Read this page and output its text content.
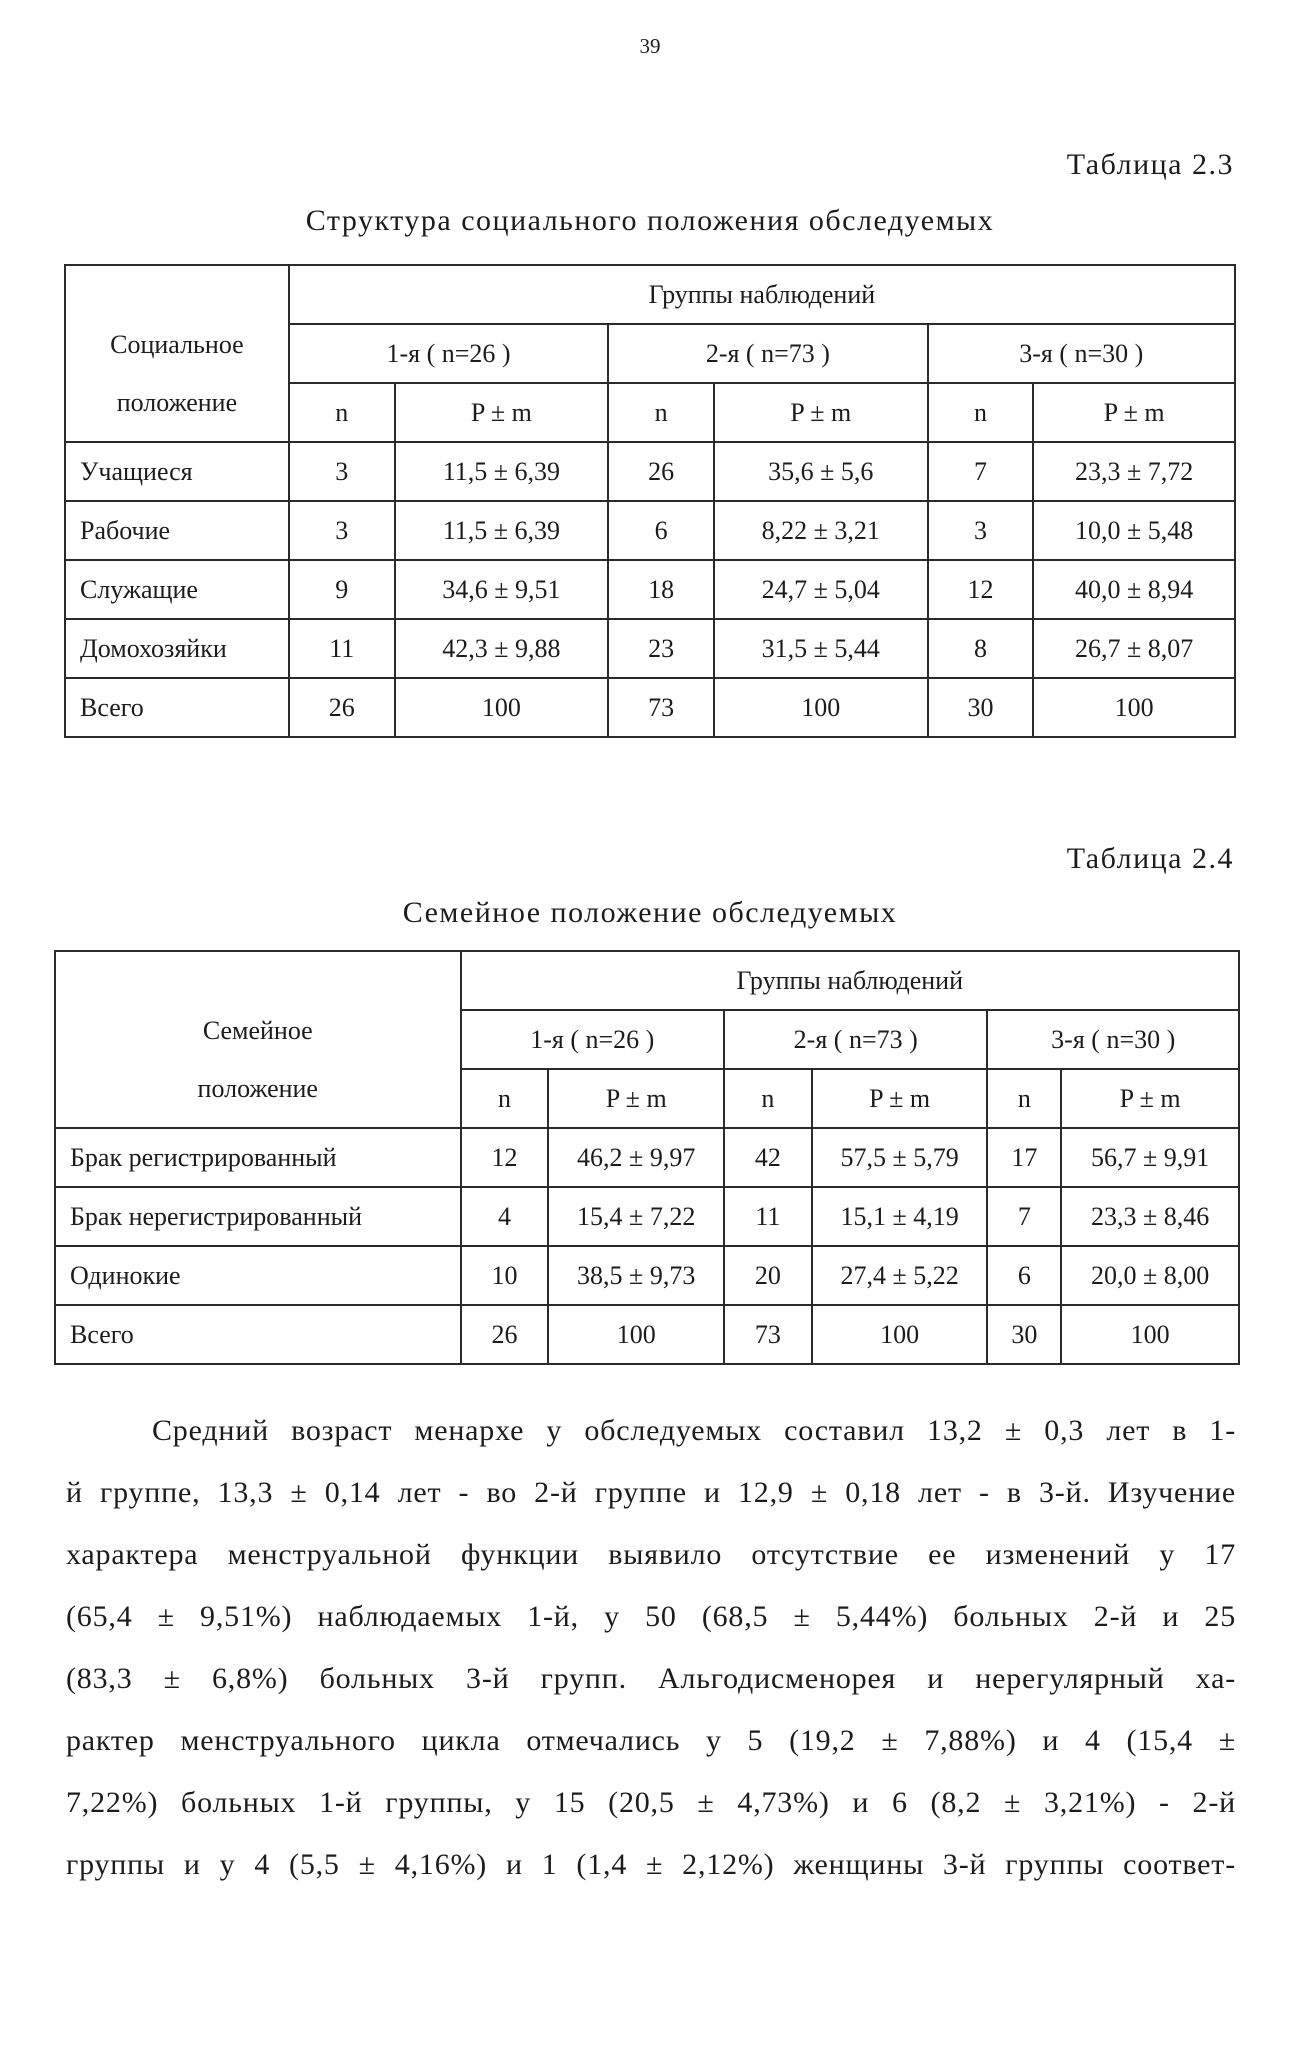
39
Таблица 2.3
Структура социального положения обследуемых
Социальное
положение	Группы наблюдений					
	1-я ( n=26 )		2-я ( n=73 )		3-я ( n=30 )	
	n	P ± m	n	P ± m	n	P ± m
Учащиеся	3	11,5 ± 6,39	26	35,6 ± 5,6	7	23,3 ± 7,72
Рабочие	3	11,5 ± 6,39	6	8,22 ± 3,21	3	10,0 ± 5,48
Служащие	9	34,6 ± 9,51	18	24,7 ± 5,04	12	40,0 ± 8,94
Домохозяйки	11	42,3 ± 9,88	23	31,5 ± 5,44	8	26,7 ± 8,07
Всего	26	100	73	100	30	100
Таблица 2.4
Семейное положение обследуемых
Семейное
положение	Группы наблюдений					
	1-я ( n=26 )		2-я ( n=73 )		3-я ( n=30 )	
	n	P ± m	n	P ± m	n	P ± m
Брак регистрированный	12	46,2 ± 9,97	42	57,5 ± 5,79	17	56,7 ± 9,91
Брак нерегистрированный	4	15,4 ± 7,22	11	15,1 ± 4,19	7	23,3 ± 8,46
Одинокие	10	38,5 ± 9,73	20	27,4 ± 5,22	6	20,0 ± 8,00
Всего	26	100	73	100	30	100
Средний возраст менархе у обследуемых составил 13,2 ± 0,3 лет в 1-
й группе, 13,3 ± 0,14 лет - во 2-й группе и 12,9 ± 0,18 лет - в 3-й. Изучение
характера менструальной функции выявило отсутствие ее изменений у 17
(65,4 ± 9,51%) наблюдаемых 1-й, у 50 (68,5 ± 5,44%) больных 2-й и 25
(83,3 ± 6,8%) больных 3-й групп. Альгодисменорея и нерегулярный ха-
рактер менструального цикла отмечались у 5 (19,2 ± 7,88%) и 4 (15,4 ±
7,22%) больных 1-й группы, у 15 (20,5 ± 4,73%) и 6 (8,2 ± 3,21%) - 2-й
группы и у 4 (5,5 ± 4,16%) и 1 (1,4 ± 2,12%) женщины 3-й группы соответ-
